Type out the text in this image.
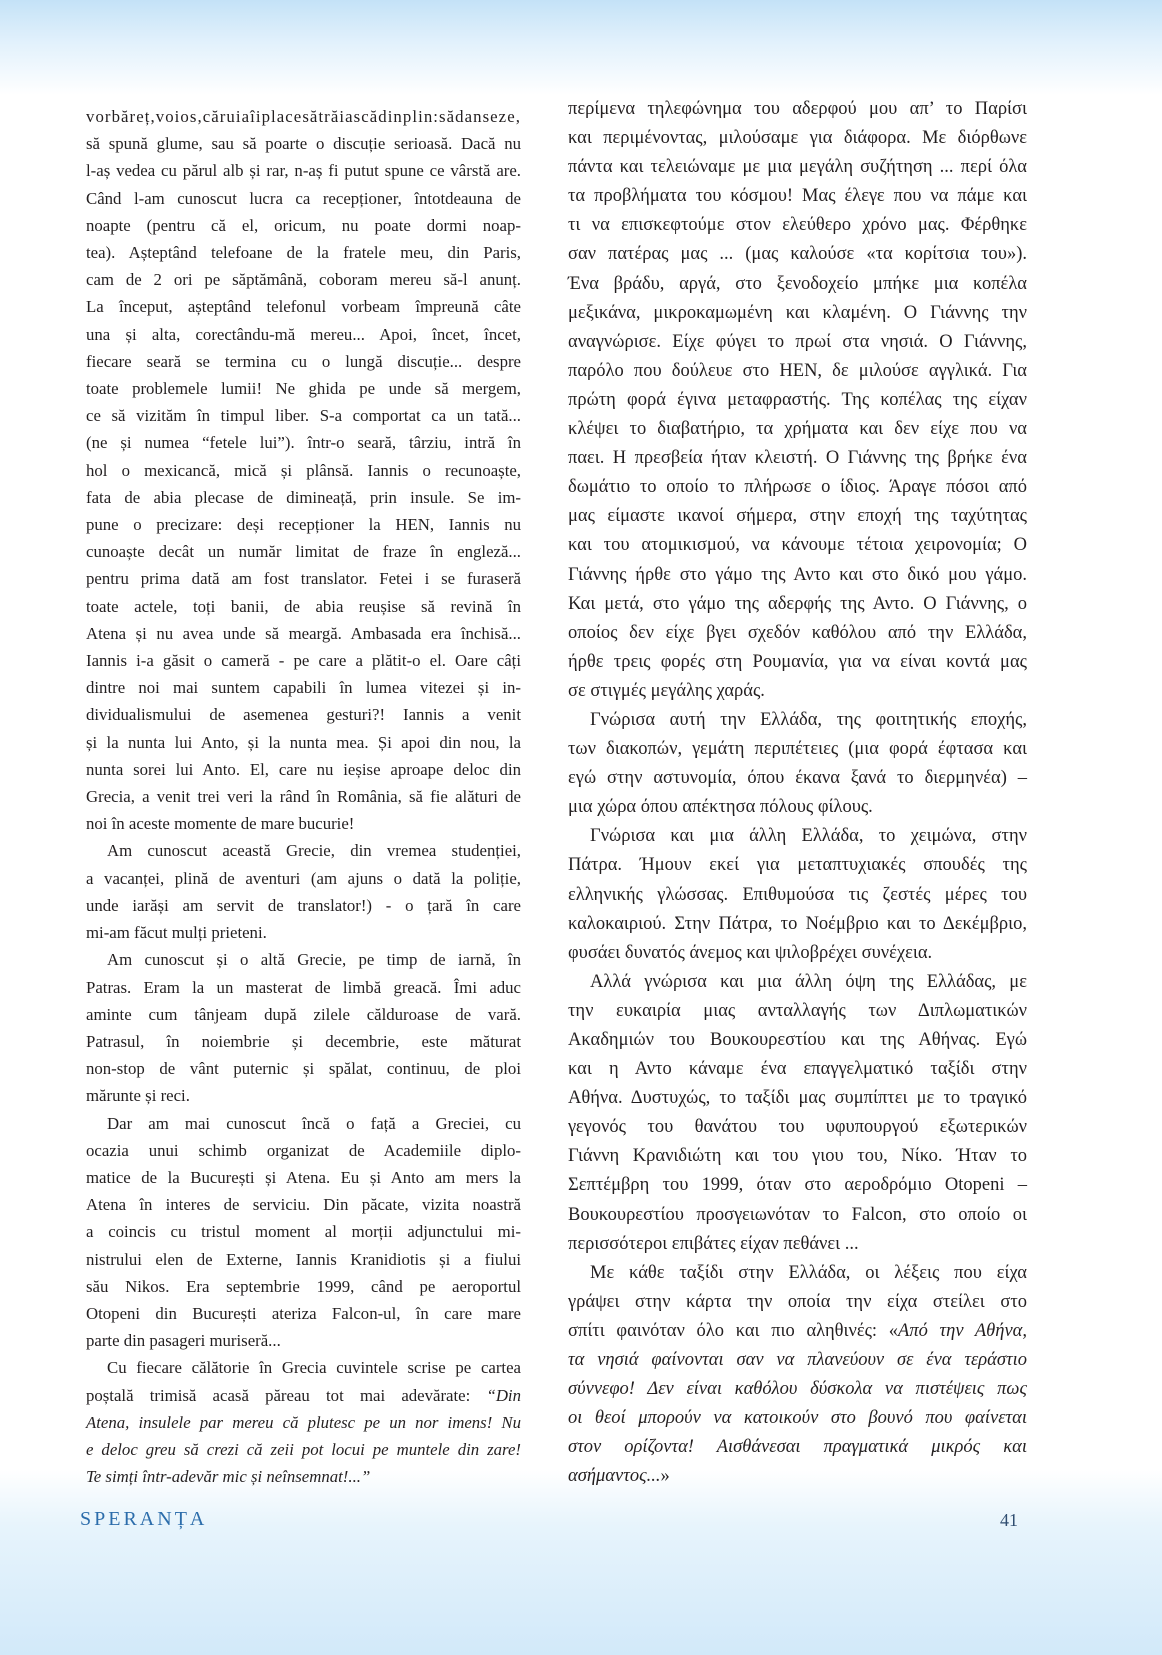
vorbăreț,voios,căruiaîiplacesătrăiascădinplin:sădanseze,
să spună glume, sau să poarte o discuție serioasă. Dacă nu
l-aș vedea cu părul alb și rar, n-aș fi putut spune ce vârstă are.
Când l-am cunoscut lucra ca recepționer, întotdeauna de
noapte (pentru că el, oricum, nu poate dormi noap-
tea). Așteptând telefoane de la fratele meu, din Paris,
cam de 2 ori pe săptămână, coboram mereu să-l anunț.
La început, așteptând telefonul vorbeam împreună câte
una și alta, corectându-mă mereu... Apoi, încet, încet,
fiecare seară se termina cu o lungă discuție... despre
toate problemele lumii! Ne ghida pe unde să mergem,
ce să vizităm în timpul liber. S-a comportat ca un tată...
(ne și numea “fetele lui”). într-o seară, târziu, intră în
hol o mexicancă, mică și plânsă. Iannis o recunoaște,
fata de abia plecase de dimineață, prin insule. Se im-
pune o precizare: deși recepționer la HEN, Iannis nu
cunoaște decât un număr limitat de fraze în engleză...
pentru prima dată am fost translator. Fetei i se furaseră
toate actele, toți banii, de abia reușise să revină în
Atena și nu avea unde să meargă. Ambasada era închisă...
Iannis i-a găsit o cameră - pe care a plătit-o el. Oare câți
dintre noi mai suntem capabili în lumea vitezei și in-
dividualismului de asemenea gesturi?! Iannis a venit
și la nunta lui Anto, și la nunta mea. Și apoi din nou, la
nunta sorei lui Anto. El, care nu ieșise aproape deloc din
Grecia, a venit trei veri la rând în România, să fie alături de
noi în aceste momente de mare bucurie!
Am cunoscut această Grecie, din vremea studenției,
a vacanței, plină de aventuri (am ajuns o dată la poliție,
unde iarăși am servit de translator!) - o țară în care
mi-am făcut mulți prieteni.
Am cunoscut și o altă Grecie, pe timp de iarnă, în
Patras. Eram la un masterat de limbă greacă. Îmi aduc
aminte cum tânjeam după zilele călduroase de vară.
Patrasul, în noiembrie și decembrie, este măturat
non-stop de vânt puternic și spălat, continuu, de ploi
mărunte și reci.
Dar am mai cunoscut încă o față a Greciei, cu
ocazia unui schimb organizat de Academiile diplo-
matice de la București și Atena. Eu și Anto am mers la
Atena în interes de serviciu. Din păcate, vizita noastră
a coincis cu tristul moment al morții adjunctului mi-
nistrului elen de Externe, Iannis Kranidiotis și a fiului
său Nikos. Era septembrie 1999, când pe aeroportul
Otopeni din București ateriza Falcon-ul, în care mare
parte din pasageri muriseră...
Cu fiecare călătorie în Grecia cuvintele scrise pe cartea
poștală trimisă acasă păreau tot mai adevărate: “Din
Atena, insulele par mereu că plutesc pe un nor imens! Nu
e deloc greu să crezi că zeii pot locui pe muntele din zare!
Te simți într-adevăr mic și neînsemnat!...”
περίμενα τηλεφώνημα του αδερφού μου απ’ το Παρίσι
και περιμένοντας, μιλούσαμε για διάφορα. Με διόρθωνε
πάντα και τελειώναμε με μια μεγάλη συζήτηση ... περί όλα
τα προβλήματα του κόσμου! Μας έλεγε που να πάμε και
τι να επισκεφτούμε στον ελεύθερο χρόνο μας. Φέρθηκε
σαν πατέρας μας ... (μας καλούσε «τα κορίτσια του»).
Ένα βράδυ, αργά, στο ξενοδοχείο μπήκε μια κοπέλα
μεξικάνα, μικροκαμωμένη και κλαμένη. Ο Γιάννης την
αναγνώρισε. Είχε φύγει το πρωί στα νησιά. Ο Γιάννης,
παρόλο που δούλευε στο HEN, δε μιλούσε αγγλικά. Για
πρώτη φορά έγινα μεταφραστής. Της κοπέλας της είχαν
κλέψει το διαβατήριο, τα χρήματα και δεν είχε που να
παει. Η πρεσβεία ήταν κλειστή. Ο Γιάννης της βρήκε ένα
δωμάτιο το οποίο το πλήρωσε ο ίδιος. Άραγε πόσοι από
μας είμαστε ικανοί σήμερα, στην εποχή της ταχύτητας
και του ατομικισμού, να κάνουμε τέτοια χειρονομία; Ο
Γιάννης ήρθε στο γάμο της Αντο και στο δικό μου γάμο.
Και μετά, στο γάμο της αδερφής της Αντο. Ο Γιάννης, ο
οποίος δεν είχε βγει σχεδόν καθόλου από την Ελλάδα,
ήρθε τρεις φορές στη Ρουμανία, για να είναι κοντά μας
σε στιγμές μεγάλης χαράς.
Γνώρισα αυτή την Ελλάδα, της φοιτητικής εποχής,
των διακοπών, γεμάτη περιπέτειες (μια φορά έφτασα και
εγώ στην αστυνομία, όπου έκανα ξανά το διερμηνέα) –
μια χώρα όπου απέκτησα πόλους φίλους.
Γνώρισα και μια άλλη Ελλάδα, το χειμώνα, στην
Πάτρα. Ήμουν εκεί για μεταπτυχιακές σπουδές της
ελληνικής γλώσσας. Επιθυμούσα τις ζεστές μέρες του
καλοκαιριού. Στην Πάτρα, το Νοέμβριο και το Δεκέμβριο,
φυσάει δυνατός άνεμος και ψιλοβρέχει συνέχεια.
Αλλά γνώρισα και μια άλλη όψη της Ελλάδας, με
την ευκαιρία μιας ανταλλαγής των Διπλωματικών
Ακαδημιών του Βουκουρεστίου και της Αθήνας. Εγώ
και η Αντο κάναμε ένα επαγγελματικό ταξίδι στην
Αθήνα. Δυστυχώς, το ταξίδι μας συμπίπτει με το τραγικό
γεγονός του θανάτου του υφυπουργού εξωτερικών
Γιάννη Κρανιδιώτη και του γιου του, Νίκο. Ήταν το
Σεπτέμβρη του 1999, όταν στο αεροδρόμιο Otopeni –
Βουκουρεστίου προσγειωνόταν το Falcon, στο οποίο οι
περισσότεροι επιβάτες είχαν πεθάνει ...
Με κάθε ταξίδι στην Ελλάδα, οι λέξεις που είχα
γράψει στην κάρτα την οποία την είχα στείλει στο
σπίτι φαινόταν όλο και πιο αληθινές: «Από την Αθήνα,
τα νησιά φαίνονται σαν να πλανεύουν σε ένα τεράστιο
σύννεφο! Δεν είναι καθόλου δύσκολα να πιστέψεις πως
οι θεοί μπορούν να κατοικούν στο βουνό που φαίνεται
στον ορίζοντα! Αισθάνεσαι πραγματικά μικρός και
ασήμαντος...»
SPERANȚA	41
